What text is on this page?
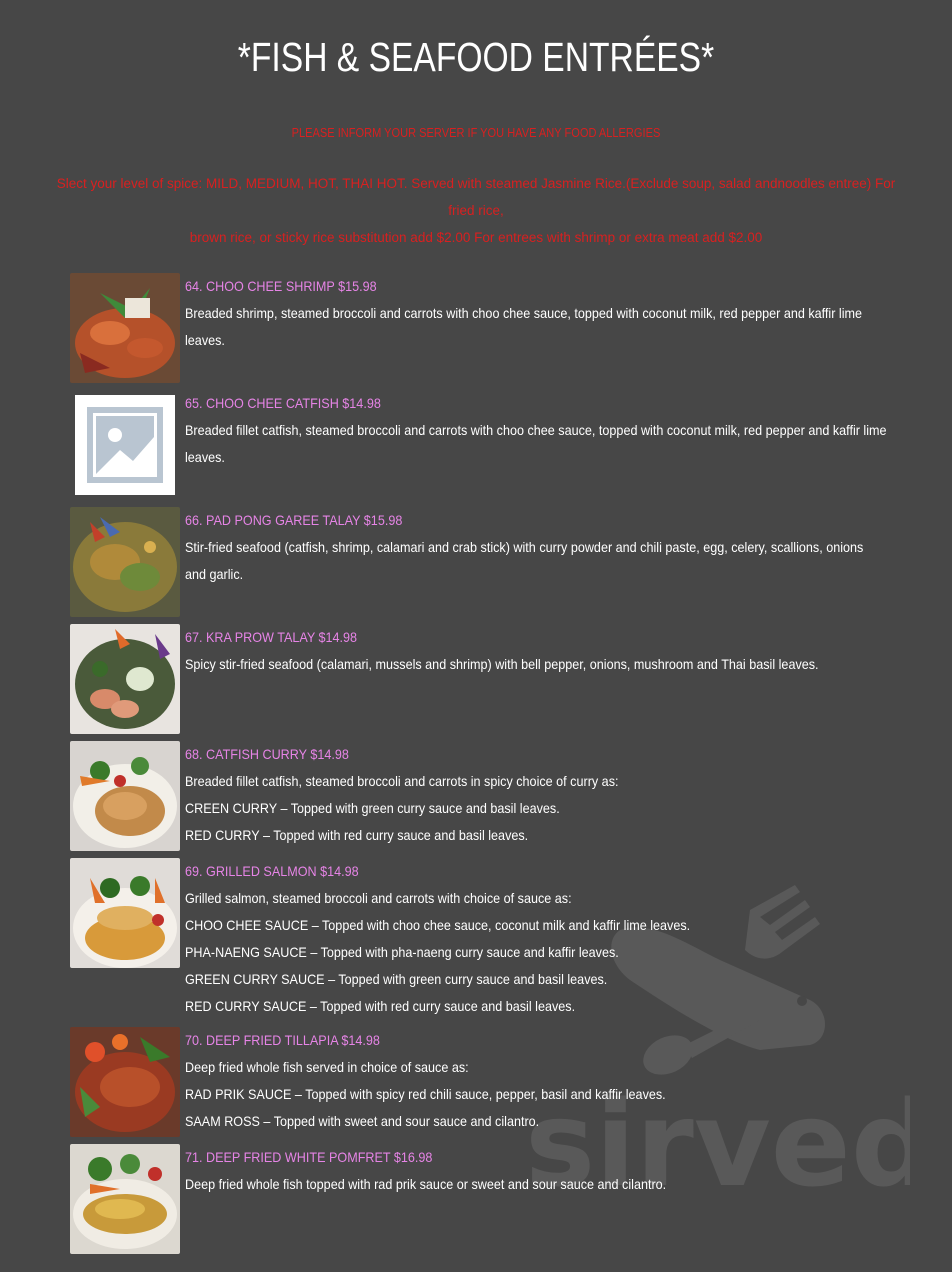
*FISH & SEAFOOD ENTRÉES*
PLEASE INFORM YOUR SERVER IF YOU HAVE ANY FOOD ALLERGIES
Slect your level of spice: MILD, MEDIUM, HOT, THAI HOT. Served with steamed Jasmine Rice.(Exclude soup, salad andnoodles entree) For fried rice,
brown rice, or sticky rice substitution add $2.00 For entrees with shrimp or extra meat add $2.00
sirved
64. CHOO CHEE SHRIMP $15.98
Breaded shrimp, steamed broccoli and carrots with choo chee sauce, topped with coconut milk, red pepper and kaffir lime
leaves.
65. CHOO CHEE CATFISH $14.98
Breaded fillet catfish, steamed broccoli and carrots with choo chee sauce, topped with coconut milk, red pepper and kaffir lime
leaves.
66. PAD PONG GAREE TALAY $15.98
Stir-fried seafood (catfish, shrimp, calamari and crab stick) with curry powder and chili paste, egg, celery, scallions, onions
and garlic.
67. KRA PROW TALAY $14.98
Spicy stir-fried seafood (calamari, mussels and shrimp) with bell pepper, onions, mushroom and Thai basil leaves.
68. CATFISH CURRY $14.98
Breaded fillet catfish, steamed broccoli and carrots in spicy choice of curry as:
CREEN CURRY – Topped with green curry sauce and basil leaves.
RED CURRY – Topped with red curry sauce and basil leaves.
69. GRILLED SALMON $14.98
Grilled salmon, steamed broccoli and carrots with choice of sauce as:
CHOO CHEE SAUCE – Topped with choo chee sauce, coconut milk and kaffir lime leaves.
PHA-NAENG SAUCE – Topped with pha-naeng curry sauce and kaffir leaves.
GREEN CURRY SAUCE – Topped with green curry sauce and basil leaves.
RED CURRY SAUCE – Topped with red curry sauce and basil leaves.
70. DEEP FRIED TILLAPIA $14.98
Deep fried whole fish served in choice of sauce as:
RAD PRIK SAUCE – Topped with spicy red chili sauce, pepper, basil and kaffir leaves.
SAAM ROSS – Topped with sweet and sour sauce and cilantro.
71. DEEP FRIED WHITE POMFRET $16.98
Deep fried whole fish topped with rad prik sauce or sweet and sour sauce and cilantro.
